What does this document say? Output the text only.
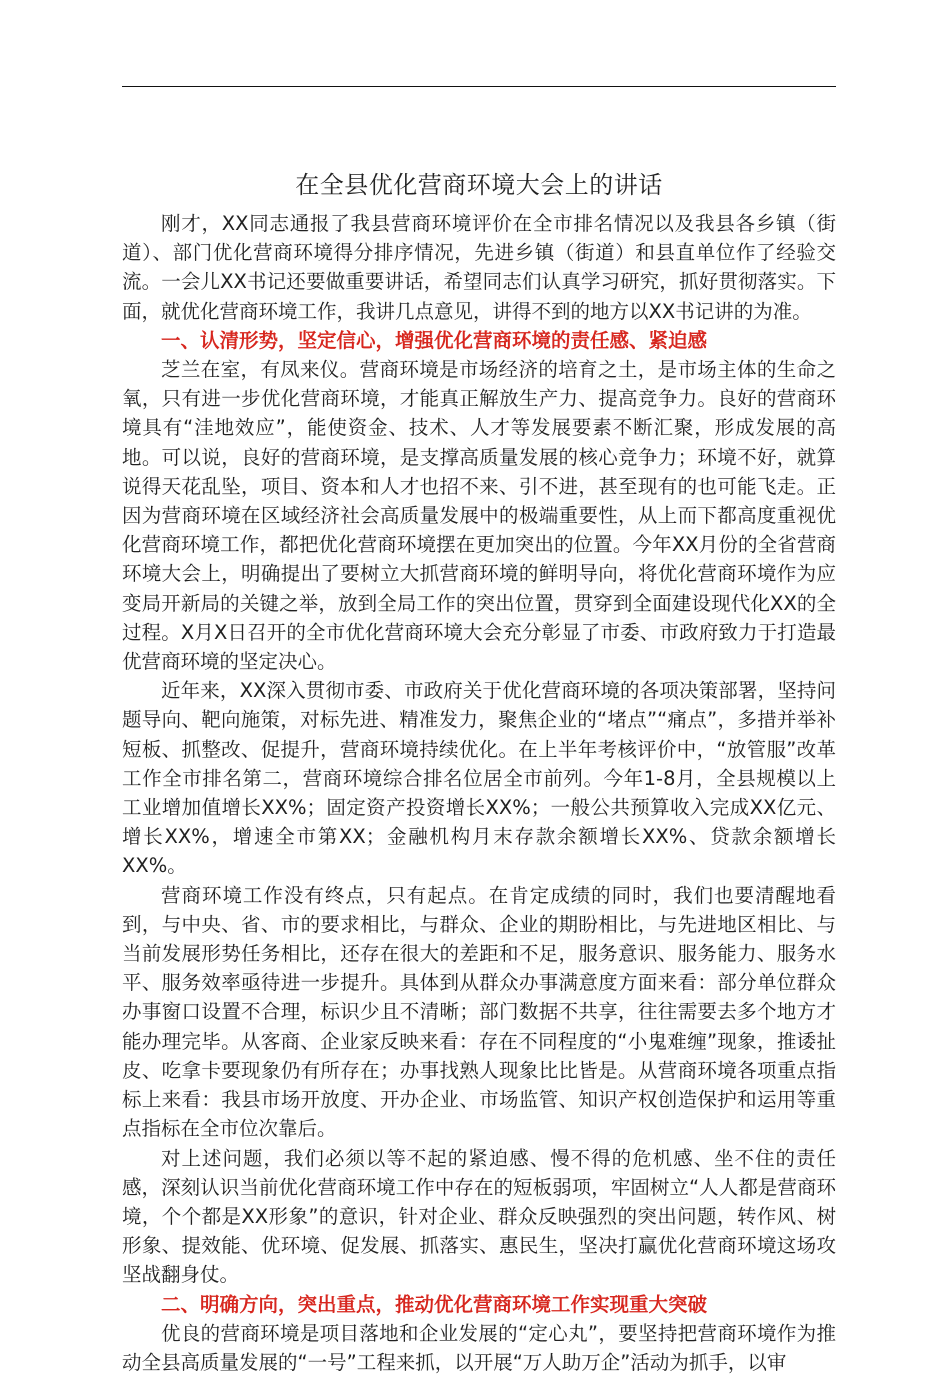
在全县优化营商环境大会上的讲话

刚才，XX同志通报了我县营商环境评价在全市排名情况以及我县各乡镇（街道）、部门优化营商环境得分排序情况，先进乡镇（街道）和县直单位作了经验交流。一会儿XX书记还要做重要讲话，希望同志们认真学习研究，抓好贯彻落实。下面，就优化营商环境工作，我讲几点意见，讲得不到的地方以XX书记讲的为准。

一、认清形势，坚定信心，增强优化营商环境的责任感、紧迫感

芝兰在室，有凤来仪。营商环境是市场经济的培育之土，是市场主体的生命之氧，只有进一步优化营商环境，才能真正解放生产力、提高竞争力。良好的营商环境具有“洼地效应”，能使资金、技术、人才等发展要素不断汇聚，形成发展的高地。可以说，良好的营商环境，是支撑高质量发展的核心竞争力；环境不好，就算说得天花乱坠，项目、资本和人才也招不来、引不进，甚至现有的也可能飞走。正因为营商环境在区域经济社会高质量发展中的极端重要性，从上而下都高度重视优化营商环境工作，都把优化营商环境摆在更加突出的位置。今年XX月份的全省营商环境大会上，明确提出了要树立大抓营商环境的鲜明导向，将优化营商环境作为应变局开新局的关键之举，放到全局工作的突出位置，贯穿到全面建设现代化XX的全过程。X月X日召开的全市优化营商环境大会充分彰显了市委、市政府致力于打造最优营商环境的坚定决心。

近年来，XX深入贯彻市委、市政府关于优化营商环境的各项决策部署，坚持问题导向、靶向施策，对标先进、精准发力，聚焦企业的“堵点”“痛点”，多措并举补短板、抓整改、促提升，营商环境持续优化。在上半年考核评价中，“放管服”改革工作全市排名第二，营商环境综合排名位居全市前列。今年1-8月，全县规模以上工业增加值增长XX%；固定资产投资增长XX%；一般公共预算收入完成XX亿元、增长XX%，增速全市第XX；金融机构月末存款余额增长XX%、贷款余额增长XX%。

营商环境工作没有终点，只有起点。在肯定成绩的同时，我们也要清醒地看到，与中央、省、市的要求相比，与群众、企业的期盼相比，与先进地区相比、与当前发展形势任务相比，还存在很大的差距和不足，服务意识、服务能力、服务水平、服务效率亟待进一步提升。具体到从群众办事满意度方面来看：部分单位群众办事窗口设置不合理，标识少且不清晰；部门数据不共享，往往需要去多个地方才能办理完毕。从客商、企业家反映来看：存在不同程度的“小鬼难缠”现象，推诿扯皮、吃拿卡要现象仍有所存在；办事找熟人现象比比皆是。从营商环境各项重点指标上来看：我县市场开放度、开办企业、市场监管、知识产权创造保护和运用等重点指标在全市位次靠后。

对上述问题，我们必须以等不起的紧迫感、慢不得的危机感、坐不住的责任感，深刻认识当前优化营商环境工作中存在的短板弱项，牢固树立“人人都是营商环境，个个都是XX形象”的意识，针对企业、群众反映强烈的突出问题，转作风、树形象、提效能、优环境、促发展、抓落实、惠民生，坚决打赢优化营商环境这场攻坚战翻身仗。

二、明确方向，突出重点，推动优化营商环境工作实现重大突破

优良的营商环境是项目落地和企业发展的“定心丸”，要坚持把营商环境作为推动全县高质量发展的“一号”工程来抓，以开展“万人助万企”活动为抓手，以审
